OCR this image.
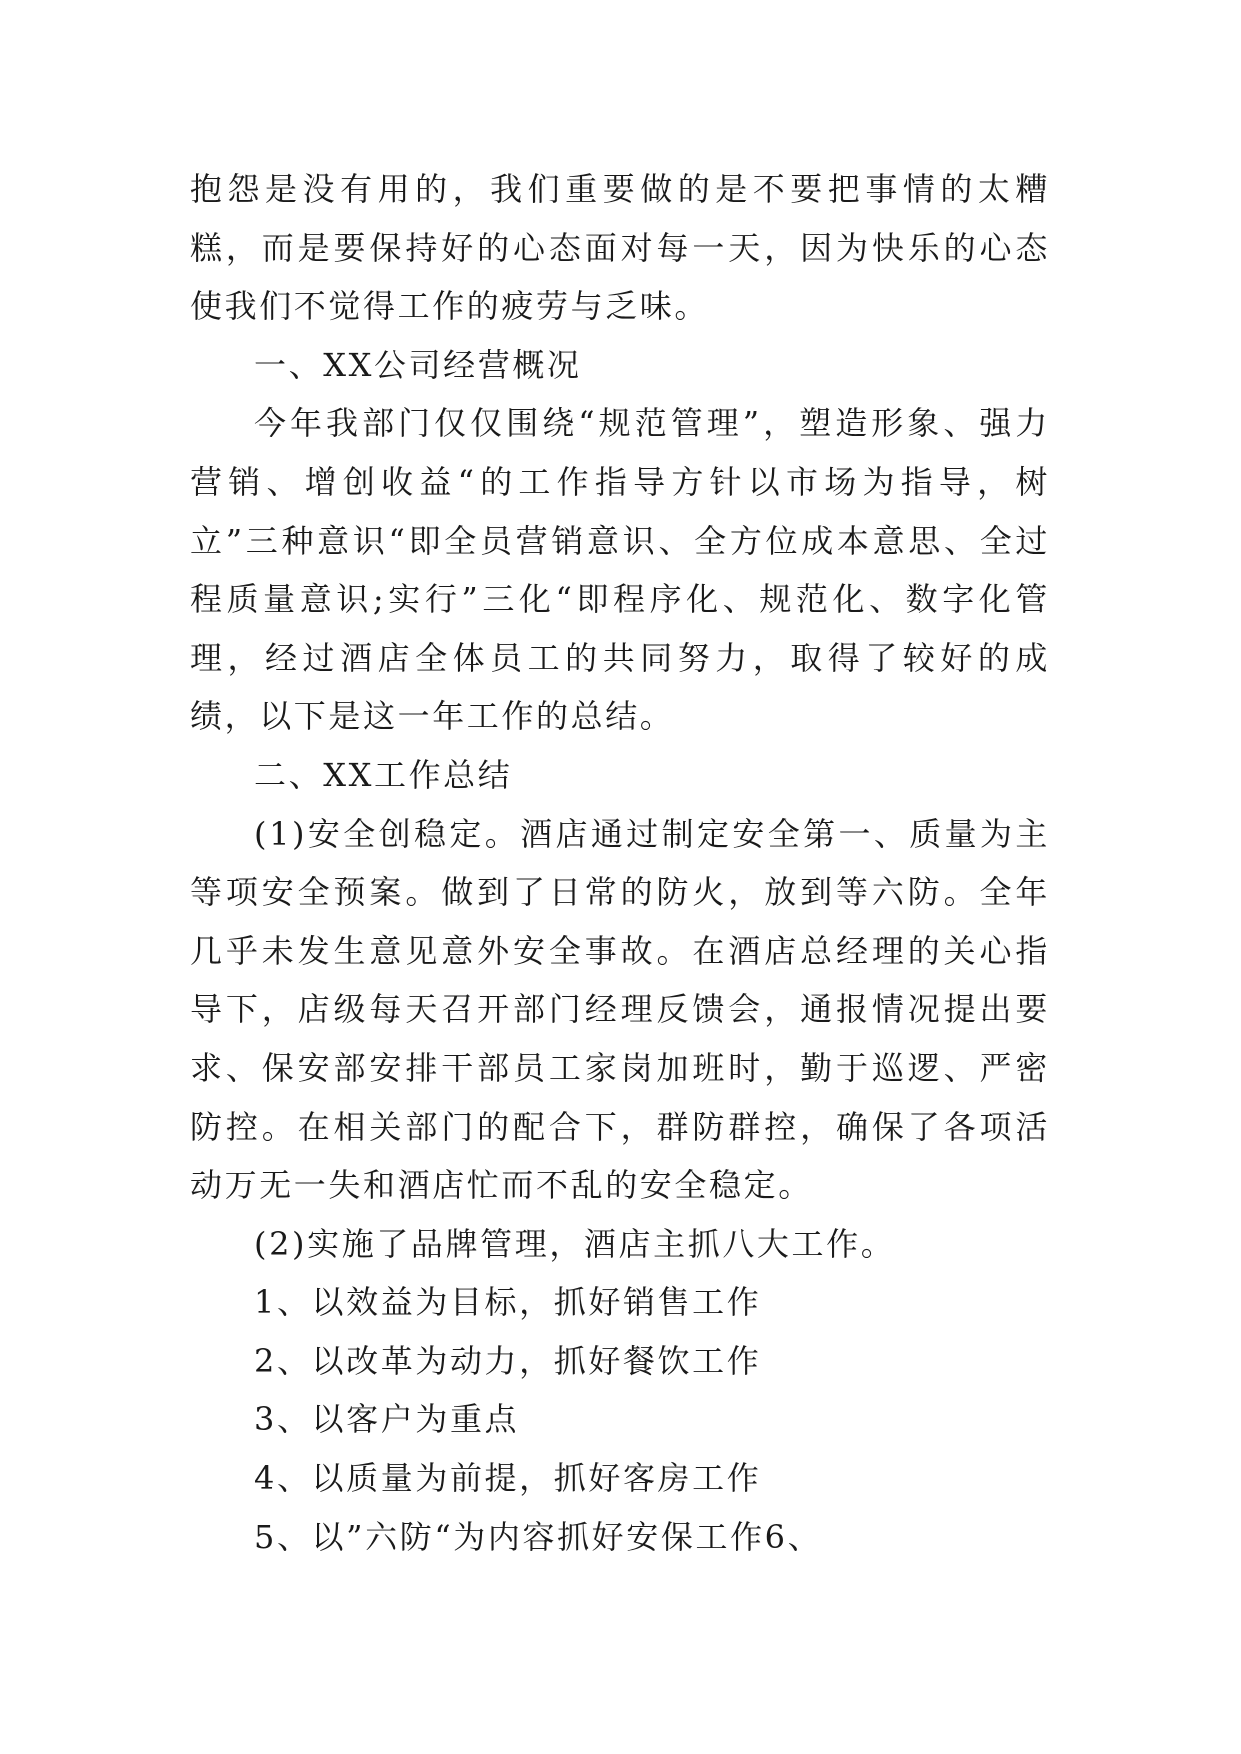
抱怨是没有用的，我们重要做的是不要把事情的太糟糕，而是要保持好的心态面对每一天，因为快乐的心态使我们不觉得工作的疲劳与乏味。

一、XX公司经营概况

今年我部门仅仅围绕“规范管理”，塑造形象、强力营销、增创收益“的工作指导方针以市场为指导，树立”三种意识“即全员营销意识、全方位成本意思、全过程质量意识;实行”三化“即程序化、规范化、数字化管理，经过酒店全体员工的共同努力，取得了较好的成绩，以下是这一年工作的总结。

二、XX工作总结

(1)安全创稳定。酒店通过制定安全第一、质量为主等项安全预案。做到了日常的防火，放到等六防。全年几乎未发生意见意外安全事故。在酒店总经理的关心指导下，店级每天召开部门经理反馈会，通报情况提出要求、保安部安排干部员工家岗加班时，勤于巡逻、严密防控。在相关部门的配合下，群防群控，确保了各项活动万无一失和酒店忙而不乱的安全稳定。

(2)实施了品牌管理，酒店主抓八大工作。

1、以效益为目标，抓好销售工作

2、以改革为动力，抓好餐饮工作

3、以客户为重点

4、以质量为前提，抓好客房工作

5、以”六防“为内容抓好安保工作6、
